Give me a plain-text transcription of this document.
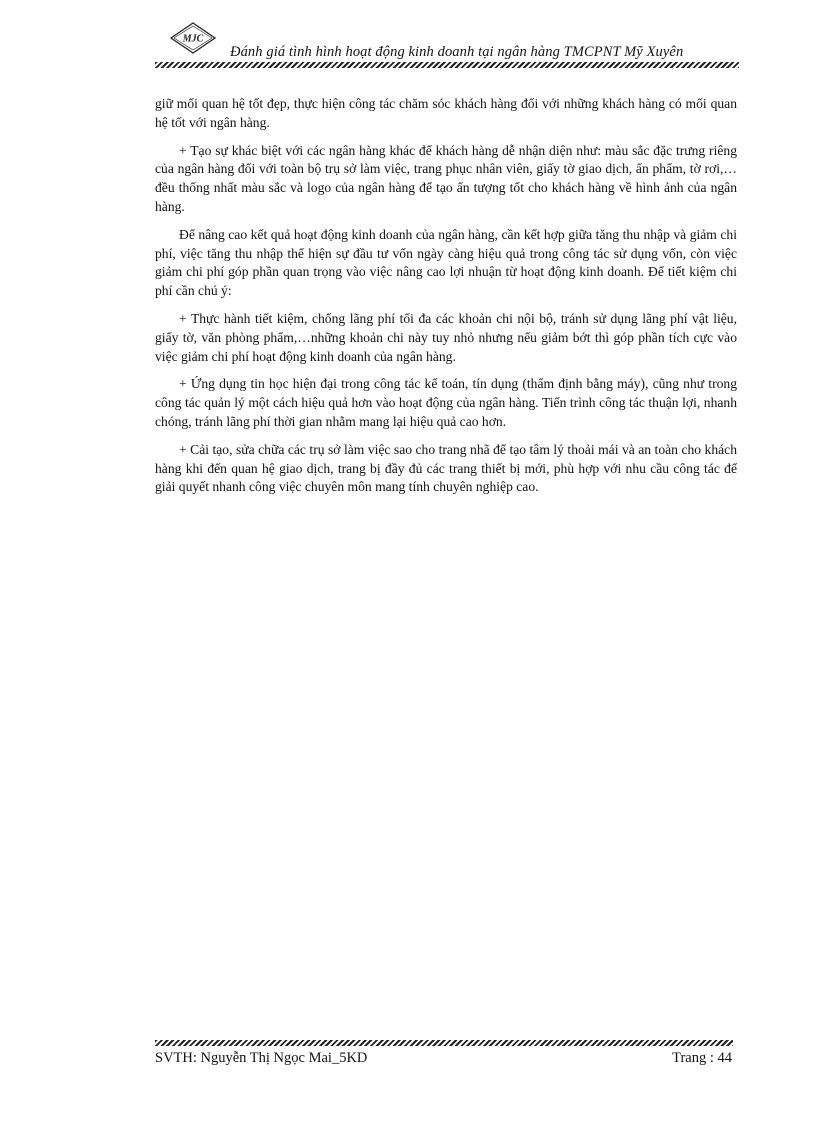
MJC
Đánh giá tình hình hoạt động kinh doanh tại ngân hàng TMCPNT Mỹ Xuyên

giữ mối quan hệ tốt đẹp, thực hiện công tác chăm sóc khách hàng đối với những khách hàng có mối quan hệ tốt với ngân hàng.

+ Tạo sự khác biệt với các ngân hàng khác để khách hàng dễ nhận diện như: màu sắc đặc trưng riêng của ngân hàng đối với toàn bộ trụ sở làm việc, trang phục nhân viên, giấy tờ giao dịch, ấn phẩm, tờ rơi,…đều thống nhất màu sắc và logo của ngân hàng để tạo ấn tượng tốt cho khách hàng về hình ảnh của ngân hàng.

Để nâng cao kết quả hoạt động kinh doanh của ngân hàng, cần kết hợp giữa tăng thu nhập và giảm chi phí, việc tăng thu nhập thể hiện sự đầu tư vốn ngày càng hiệu quả trong công tác sử dụng vốn, còn việc giảm chi phí góp phần quan trọng vào việc nâng cao lợi nhuận từ hoạt động kinh doanh. Để tiết kiệm chi phí cần chú ý:

+ Thực hành tiết kiệm, chống lãng phí tối đa các khoản chi nội bộ, tránh sử dụng lãng phí vật liệu, giấy tờ, văn phòng phẩm,…những khoản chi này tuy nhỏ nhưng nếu giảm bớt thì góp phần tích cực vào việc giảm chi phí hoạt động kinh doanh của ngân hàng.

+ Ứng dụng tin học hiện đại trong công tác kế toán, tín dụng (thẩm định bằng máy), cũng như trong công tác quản lý một cách hiệu quả hơn vào hoạt động của ngân hàng. Tiến trình công tác thuận lợi, nhanh chóng, tránh lãng phí thời gian nhằm mang lại hiệu quả cao hơn.

+ Cải tạo, sửa chữa các trụ sở làm việc sao cho trang nhã để tạo tâm lý thoải mái và an toàn cho khách hàng khi đến quan hệ giao dịch, trang bị đầy đủ các trang thiết bị mới, phù hợp với nhu cầu công tác để giải quyết nhanh công việc chuyên môn mang tính chuyên nghiệp cao.

SVTH: Nguyễn Thị Ngọc Mai_5KD	Trang : 44
